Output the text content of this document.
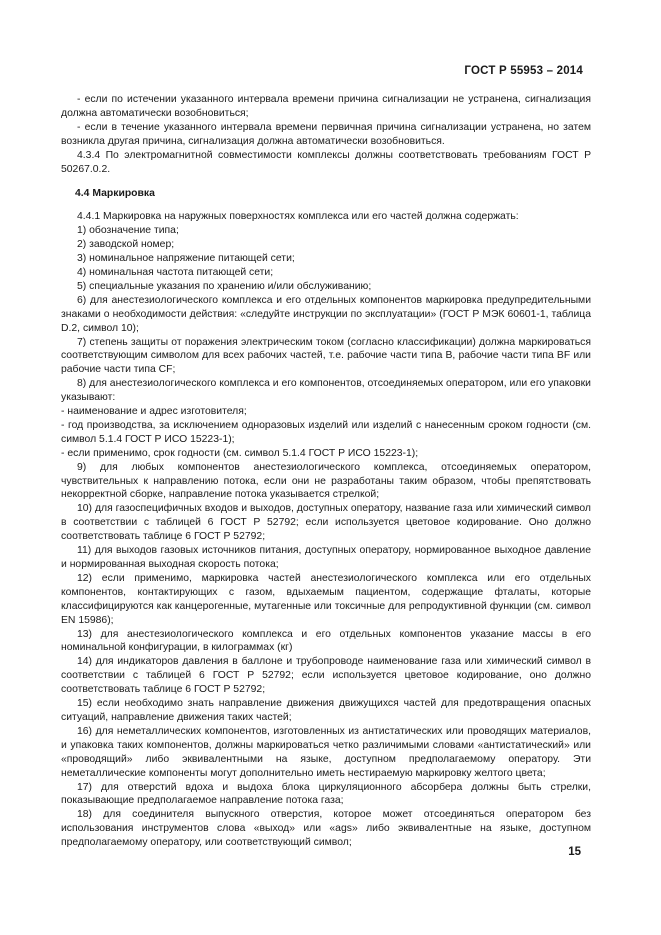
ГОСТ Р 55953 – 2014

- если по истечении указанного интервала времени причина сигнализации не устранена, сигнализация должна автоматически возобновиться;

- если в течение указанного интервала времени первичная причина сигнализации устранена, но затем возникла другая причина, сигнализация должна автоматически возобновиться.

4.3.4 По электромагнитной совместимости комплексы должны соответствовать требованиям ГОСТ Р 50267.0.2.

4.4 Маркировка

4.4.1 Маркировка на наружных поверхностях комплекса или его частей должна содержать:

1) обозначение типа;

2) заводской номер;

3) номинальное напряжение питающей сети;

4) номинальная частота питающей сети;

5) специальные указания по хранению и/или обслуживанию;

6) для анестезиологического комплекса и его отдельных компонентов маркировка предупредительными знаками о необходимости действия: «следуйте инструкции по эксплуатации» (ГОСТ Р МЭК 60601-1, таблица D.2, символ 10);

7) степень защиты от поражения электрическим током (согласно классификации) должна маркироваться соответствующим символом для всех рабочих частей, т.е. рабочие части типа В, рабочие части типа BF или рабочие части типа CF;

8) для анестезиологического комплекса и его компонентов, отсоединяемых оператором, или его упаковки указывают:

- наименование и адрес изготовителя;

- год производства, за исключением одноразовых изделий или изделий с нанесенным сроком годности (см. символ 5.1.4 ГОСТ Р ИСО 15223-1);

- если применимо, срок годности (см. символ 5.1.4 ГОСТ Р ИСО 15223-1);

9) для любых компонентов анестезиологического комплекса, отсоединяемых оператором, чувствительных к направлению потока, если они не разработаны таким образом, чтобы препятствовать некорректной сборке, направление потока указывается стрелкой;

10) для газоспецифичных входов и выходов, доступных оператору, название газа или химический символ в соответствии с таблицей 6 ГОСТ Р 52792; если используется цветовое кодирование. Оно должно соответствовать таблице 6 ГОСТ Р 52792;

11) для выходов газовых источников питания, доступных оператору, нормированное выходное давление и нормированная выходная скорость потока;

12) если применимо, маркировка частей анестезиологического комплекса или его отдельных компонентов, контактирующих с газом, вдыхаемым пациентом, содержащие фталаты, которые классифицируются как канцерогенные, мутагенные или токсичные для репродуктивной функции (см. символ EN 15986);

13) для анестезиологического комплекса и его отдельных компонентов указание массы в его номинальной конфигурации, в килограммах (кг)

14) для индикаторов давления в баллоне и трубопроводе наименование газа или химический символ в соответствии с таблицей 6 ГОСТ Р 52792; если используется цветовое кодирование, оно должно соответствовать таблице 6 ГОСТ Р 52792;

15) если необходимо знать направление движения движущихся частей для предотвращения опасных ситуаций, направление движения таких частей;

16) для неметаллических компонентов, изготовленных из антистатических или проводящих материалов, и упаковка таких компонентов, должны маркироваться четко различимыми словами «антистатический» или «проводящий» либо эквивалентными на языке, доступном предполагаемому оператору. Эти неметаллические компоненты могут дополнительно иметь нестираемую маркировку желтого цвета;

17) для отверстий вдоха и выдоха блока циркуляционного абсорбера должны быть стрелки, показывающие предполагаемое направление потока газа;

18) для соединителя выпускного отверстия, которое может отсоединяться оператором без использования инструментов слова «выход» или «ags» либо эквивалентные на языке, доступном предполагаемому оператору, или соответствующий символ;

15
